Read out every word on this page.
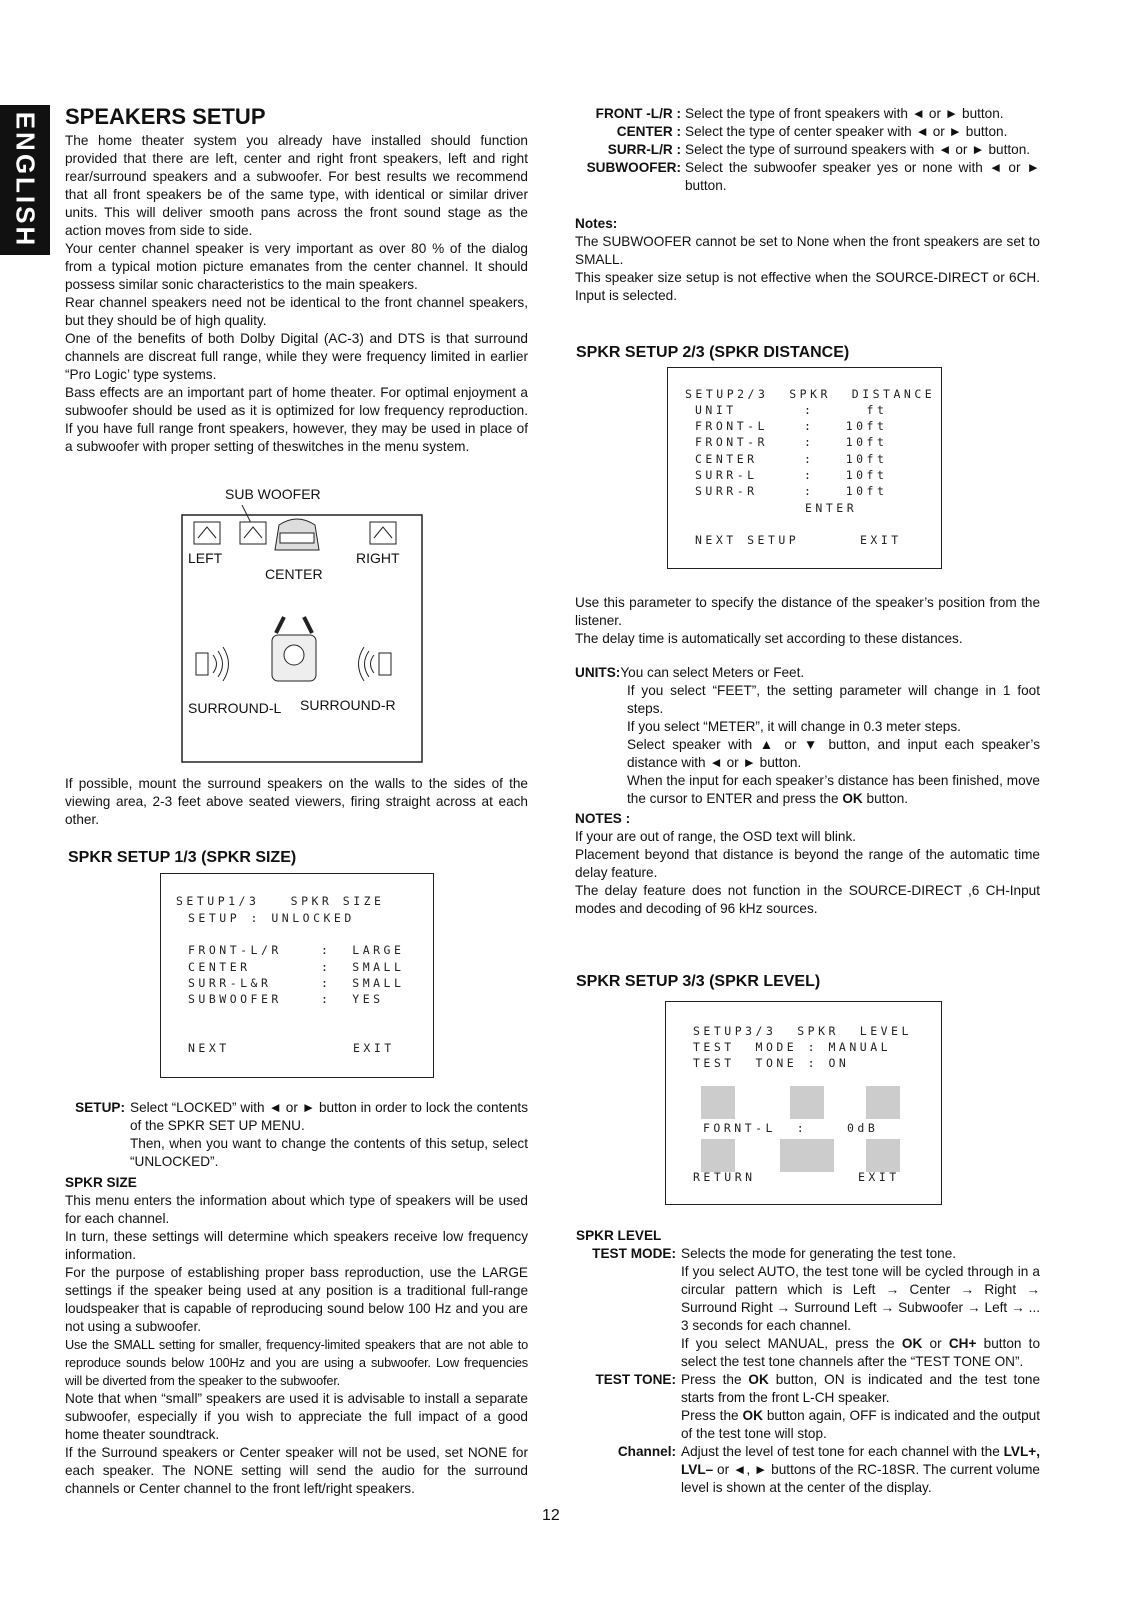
ENGLISH SPEAKERS SETUP

The home theater system you already have installed should function provided that there are left, center and right front speakers, left and right rear/surround speakers and a subwoofer. For best results we recommend that all front speakers be of the same type, with identical or similar driver units. This will deliver smooth pans across the front sound stage as the action moves from side to side.

Your center channel speaker is very important as over 80 % of the dialog from a typical motion picture emanates from the center channel. It should possess similar sonic characteristics to the main speakers.

Rear channel speakers need not be identical to the front channel speakers, but they should be of high quality.

One of the benefits of both Dolby Digital (AC-3) and DTS is that surround channels are discreat full range, while they were frequency limited in earlier “Pro Logic’ type systems.

Bass effects are an important part of home theater. For optimal enjoyment a subwoofer should be used as it is optimized for low frequency reproduction. If you have full range front speakers, however, they may be used in place of a subwoofer with proper setting of theswitches in the menu system.

SUB WOOFER
LEFT	RIGHT
CENTER
SURROUND-L SURROUND-R
If possible, mount the surround speakers on the walls to the sides of the viewing area, 2-3 feet above seated viewers, firing straight across at each other.
SPKR SETUP 1/3 (SPKR SIZE)
SETUP1/3   SPKR SIZE
SETUP : UNLOCKED
FRONT-L/R	:  LARGE
CENTER	:  SMALL
SURR-L&R	:  SMALL
SUBWOOFER	:  YES
NEXT	EXIT
SETUP: Select “LOCKED” with ◄ or ► button in order to lock the contents of the SPKR SET UP MENU.
Then, when you want to change the contents of this setup, select “UNLOCKED”.
SPKR SIZE

This menu enters the information about which type of speakers will be used for each channel.

In turn, these settings will determine which speakers receive low frequency information.

For the purpose of establishing proper bass reproduction, use the LARGE settings if the speaker being used at any position is a traditional full-range loudspeaker that is capable of reproducing sound below 100 Hz and you are not using a subwoofer.

Use the SMALL setting for smaller, frequency-limited speakers that are not able to reproduce sounds below 100Hz and you are using a subwoofer. Low frequencies will be diverted from the speaker to the subwoofer.

Note that when “small” speakers are used it is advisable to install a separate subwoofer, especially if you wish to appreciate the full impact of a good home theater soundtrack.

If the Surround speakers or Center speaker will not be used, set NONE for each speaker. The NONE setting will send the audio for the surround channels or Center channel to the front left/right speakers.

FRONT -L/R : Select the type of front speakers with ◄ or ► button.
CENTER : Select the type of center speaker with ◄ or ► button.
SURR-L/R : Select the type of surround speakers with ◄ or ► button.
SUBWOOFER: Select the subwoofer speaker yes or none with ◄ or ► button.
Notes:

The SUBWOOFER cannot be set to None when the front speakers are set to SMALL.

This speaker size setup is not effective when the SOURCE-DIRECT or 6CH. Input is selected.

SPKR SETUP 2/3 (SPKR DISTANCE)
SETUP2/3  SPKR  DISTANCE
UNIT	:     ft
FRONT-L	:   10ft
FRONT-R	:   10ft
CENTER	:   10ft
SURR-L	:   10ft
SURR-R	:   10ft
ENTER
NEXT SETUP	EXIT

Use this parameter to specify the distance of the speaker’s position from the listener.

The delay time is automatically set according to these distances.

UNITS:You can select Meters or Feet.
If you select “FEET”, the setting parameter will change in 1 foot steps.
If you select “METER”, it will change in 0.3 meter steps.
Select speaker with ▲ or ▼ button, and input each speaker’s distance with ◄ or ► button.
When the input for each speaker’s distance has been finished, move the cursor to ENTER and press the OK button.
NOTES :

If your are out of range, the OSD text will blink.

Placement beyond that distance is beyond the range of the automatic time delay feature.

The delay feature does not function in the SOURCE-DIRECT ,6 CH-Input modes and decoding of 96 kHz sources.

SPKR SETUP 3/3 (SPKR LEVEL)
SETUP3/3  SPKR  LEVEL
TEST  MODE : MANUAL
TEST  TONE : ON
FORNT-L  :	0dB
RETURN	EXIT
SPKR LEVEL
TEST MODE: Selects the mode for generating the test tone.
If you select AUTO, the test tone will be cycled through in a circular pattern which is Left → Center → Right → Surround Right → Surround Left → Subwoofer → Left → ... 3 seconds for each channel.
If you select MANUAL, press the OK or CH+ button to select the test tone channels after the “TEST TONE ON”.
TEST TONE: Press the OK button, ON is indicated and the test tone starts from the front L-CH speaker.
Press the OK button again, OFF is indicated and the output of the test tone will stop.
Channel: Adjust the level of test tone for each channel with the LVL+, LVL– or ◄, ► buttons of the RC-18SR. The current volume level is shown at the center of the display.
12
